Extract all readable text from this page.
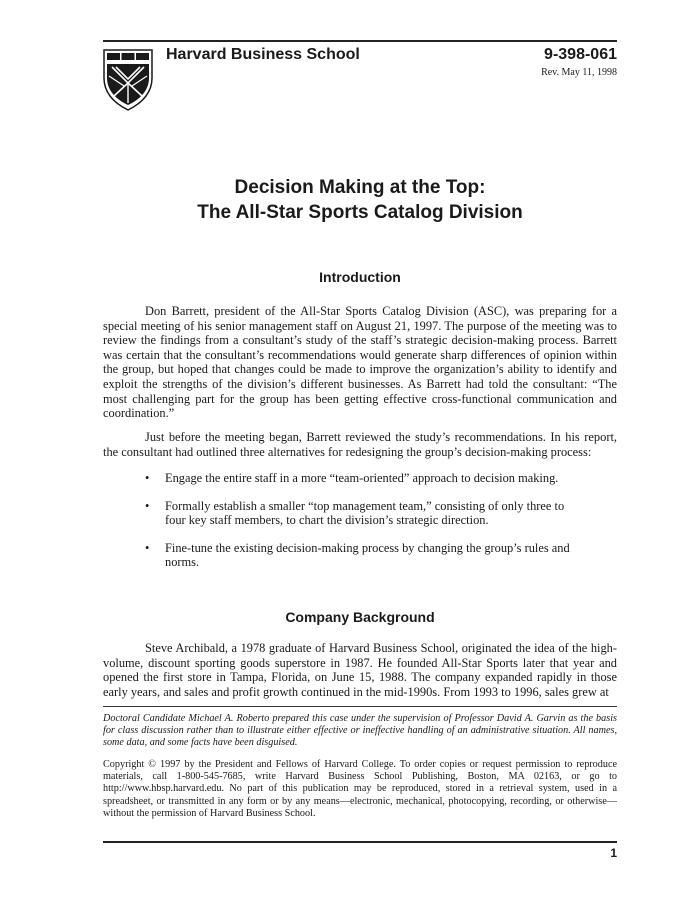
Harvard Business School	9-398-061
Rev. May 11, 1998
Decision Making at the Top:
The All-Star Sports Catalog Division
Introduction

Don Barrett, president of the All-Star Sports Catalog Division (ASC), was preparing for a special meeting of his senior management staff on August 21, 1997. The purpose of the meeting was to review the findings from a consultant’s study of the staff’s strategic decision-making process. Barrett was certain that the consultant’s recommendations would generate sharp differences of opinion within the group, but hoped that changes could be made to improve the organization’s ability to identify and exploit the strengths of the division’s different businesses. As Barrett had told the consultant: “The most challenging part for the group has been getting effective cross-functional communication and coordination.”

Just before the meeting began, Barrett reviewed the study’s recommendations. In his report, the consultant had outlined three alternatives for redesigning the group’s decision-making process:

• Engage the entire staff in a more “team-oriented” approach to decision making.
• Formally establish a smaller “top management team,” consisting of only three to four key staff members, to chart the division’s strategic direction.
• Fine-tune the existing decision-making process by changing the group’s rules and norms.
Company Background

Steve Archibald, a 1978 graduate of Harvard Business School, originated the idea of the high-volume, discount sporting goods superstore in 1987. He founded All-Star Sports later that year and opened the first store in Tampa, Florida, on June 15, 1988. The company expanded rapidly in those early years, and sales and profit growth continued in the mid-1990s. From 1993 to 1996, sales grew at

Doctoral Candidate Michael A. Roberto prepared this case under the supervision of Professor David A. Garvin as the basis for class discussion rather than to illustrate either effective or ineffective handling of an administrative situation. All names, some data, and some facts have been disguised.

Copyright © 1997 by the President and Fellows of Harvard College. To order copies or request permission to reproduce materials, call 1-800-545-7685, write Harvard Business School Publishing, Boston, MA 02163, or go to http://www.hbsp.harvard.edu. No part of this publication may be reproduced, stored in a retrieval system, used in a spreadsheet, or transmitted in any form or by any means—electronic, mechanical, photocopying, recording, or otherwise—without the permission of Harvard Business School.

1
